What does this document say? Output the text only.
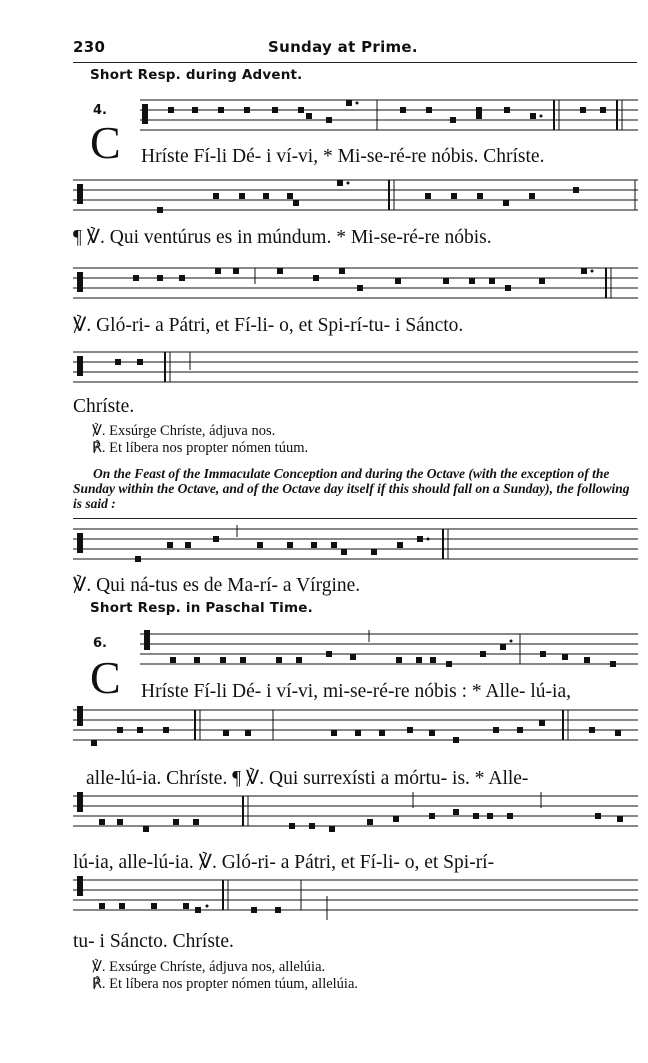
230	Sunday at Prime.
Short Resp. during Advent.
4.
C Hríste Fí-li Dé- i ví-vi, * Mi-se-ré-re nóbis. Chríste.
¶ ℣. Qui ventúrus es in múndum. * Mi-se-ré-re nóbis.
℣. Gló-ri- a Pátri, et Fí-li- o, et Spi-rí-tu- i Sáncto.
Chríste.
℣. Exsúrge Chríste, ádjuva nos.
℟. Et líbera nos propter nómen túum.
On the Feast of the Immaculate Conception and during the Octave (with the exception of the Sunday within the Octave, and of the Octave day itself if this should fall on a Sunday), the following is said :
℣. Qui ná-tus es de Ma-rí- a Vírgine.
Short Resp. in Paschal Time.
6.
C Hríste Fí-li Dé- i ví-vi, mi-se-ré-re nóbis : * Alle- lú-ia,
alle-lú-ia. Chríste. ¶ ℣. Qui surrexísti a mórtu- is. * Alle-
lú-ia, alle-lú-ia. ℣. Gló-ri- a Pátri, et Fí-li- o, et Spi-rí-
tu- i Sáncto. Chríste.
℣. Exsúrge Chríste, ádjuva nos, allelúia.
℟. Et líbera nos propter nómen túum, allelúia.
